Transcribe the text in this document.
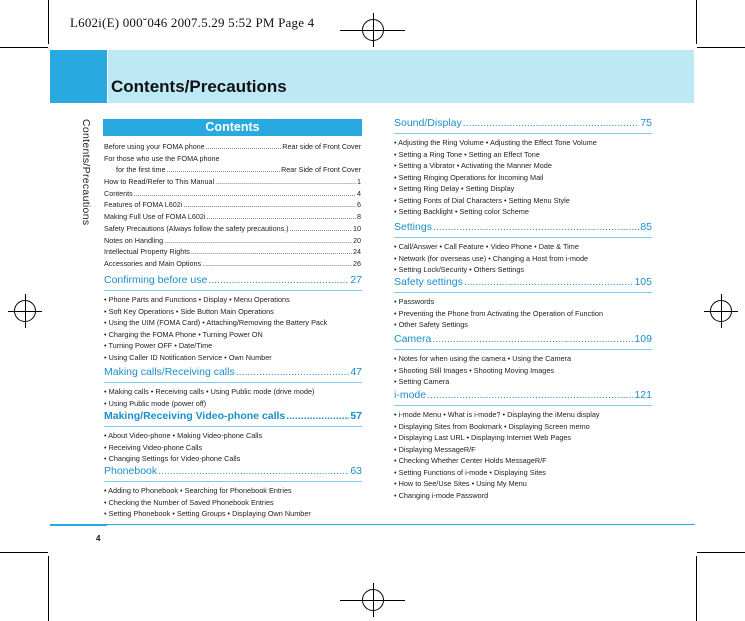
L602i(E) 000˘046 2007.5.29 5:52 PM Page 4
Contents/Precautions
Contents/Precautions	Contents
Before using your FOMA phone .....	Rear side of Front Cover
For those who use the FOMA phone
for the first time .....	Rear Side of Front Cover
How to Read/Refer to This Manual .....	1
Contents .....	4
Features of FOMA L602i .....	6
Making Full Use of FOMA L602i .....	8
Safety Precautions (Always follow the safety precautions.) .....	10
Notes on Handling .....	20
Intellectual Property Rights .....	24
Accessories and Main Options .....	26
Confirming before use .....	27
• Phone Parts and Functions • Display • Menu Operations
• Soft Key Operations • Side Button Main Operations
• Using the UIM (FOMA Card) • Attaching/Removing the Battery Pack
• Charging the FOMA Phone • Turning Power ON
• Turning Power OFF • Date/Time
• Using Caller ID Notification Service • Own Number
Making calls/Receiving calls .....	47
• Making calls • Receiving calls • Using Public mode (drive mode)
• Using Public mode (power off)
Making/Receiving Video-phone calls .....	57
• About Video-phone • Making Video-phone Calls
• Receiving Video-phone Calls
• Changing Settings for Video-phone Calls
Phonebook .....	63
• Adding to Phonebook • Searching for Phonebook Entries
• Checking the Number of Saved Phonebook Entries
• Setting Phonebook • Setting Groups • Displaying Own Number
Sound/Display .....	75
• Adjusting the Ring Volume • Adjusting the Effect Tone Volume
• Setting a Ring Tone • Setting an Effect Tone
• Setting a Vibrator • Activating the Manner Mode
• Setting Ringing Operations for Incoming Mail
• Setting Ring Delay • Setting Display
• Setting Fonts of Dial Characters • Setting Menu Style
• Setting Backlight • Setting color Scheme
Settings .....	85
• Call/Answer • Call Feature • Video Phone • Date & Time
• Network (for overseas use) • Changing a Host from i-mode
• Setting Lock/Security • Others Settings
Safety settings .....	105
• Passwords
• Preventing the Phone from Activating the Operation of Function
• Other Safety Settings
Camera .....	109
• Notes for when using the camera • Using the Camera
• Shooting Still Images • Shooting Moving Images
• Setting Camera
i-mode .....	121
• i-mode Menu • What is i-mode? • Displaying the iMenu display
• Displaying Sites from Bookmark • Displaying Screen memo
• Displaying Last URL • Displaying Internet Web Pages
• Displaying MessageR/F
• Checking Whether Center Holds MessageR/F
• Setting Functions of i-mode • Displaying Sites
• How to See/Use Sites • Using My Menu
• Changing i-mode Password
4
